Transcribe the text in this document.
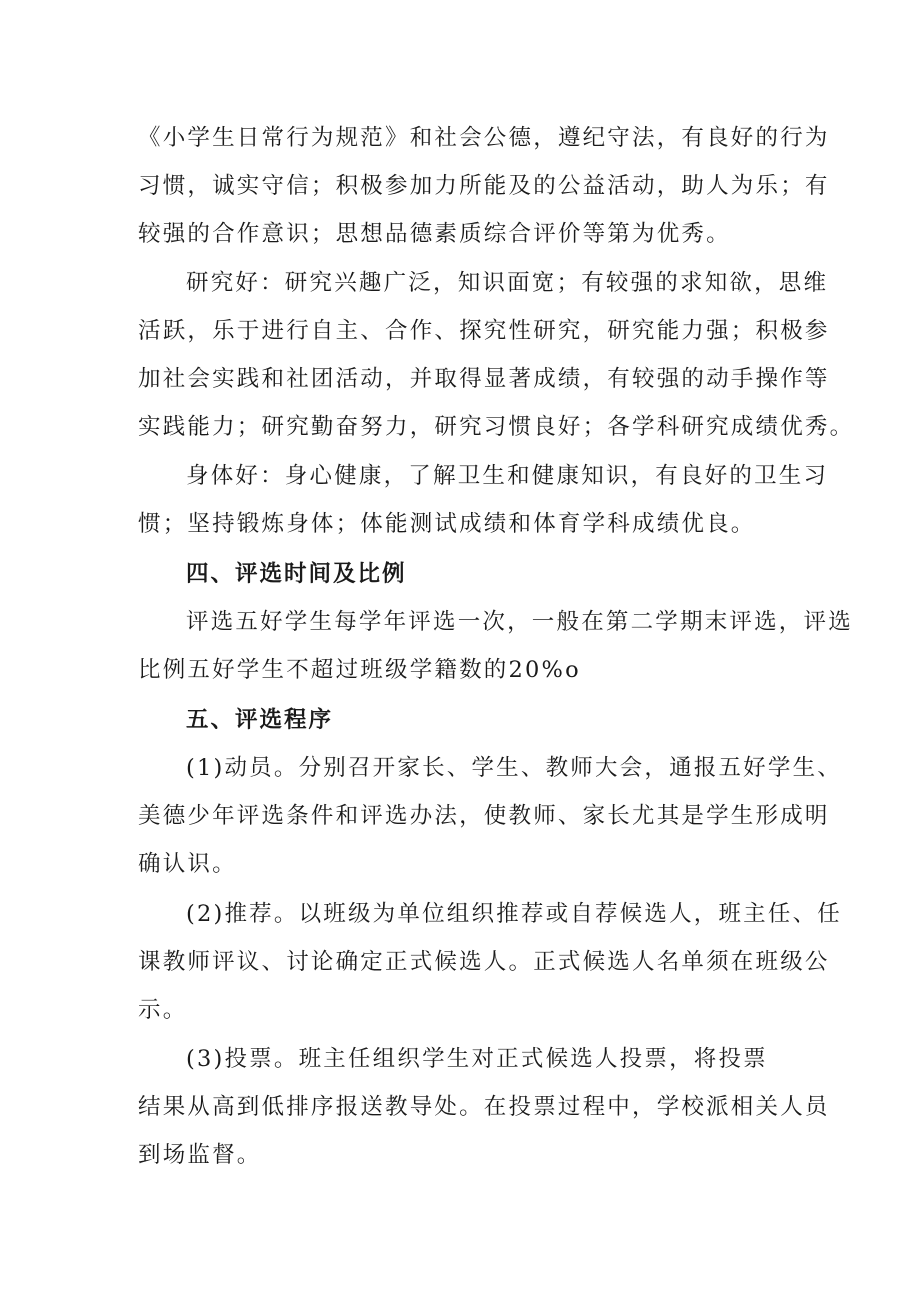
《小学生日常行为规范》和社会公德，遵纪守法，有良好的行为
习惯，诚实守信；积极参加力所能及的公益活动，助人为乐；有
较强的合作意识；思想品德素质综合评价等第为优秀。
研究好：研究兴趣广泛，知识面宽；有较强的求知欲，思维
活跃，乐于进行自主、合作、探究性研究，研究能力强；积极参
加社会实践和社团活动，并取得显著成绩，有较强的动手操作等
实践能力；研究勤奋努力，研究习惯良好；各学科研究成绩优秀。
身体好：身心健康，了解卫生和健康知识，有良好的卫生习
惯；坚持锻炼身体；体能测试成绩和体育学科成绩优良。
四、评选时间及比例
评选五好学生每学年评选一次，一般在第二学期末评选，评选
比例五好学生不超过班级学籍数的20%o
五、评选程序
(1)动员。分别召开家长、学生、教师大会，通报五好学生、
美德少年评选条件和评选办法，使教师、家长尤其是学生形成明
确认识。
(2)推荐。以班级为单位组织推荐或自荐候选人，班主任、任
课教师评议、讨论确定正式候选人。正式候选人名单须在班级公
示。
(3)投票。班主任组织学生对正式候选人投票，将投票
结果从高到低排序报送教导处。在投票过程中，学校派相关人员
到场监督。
